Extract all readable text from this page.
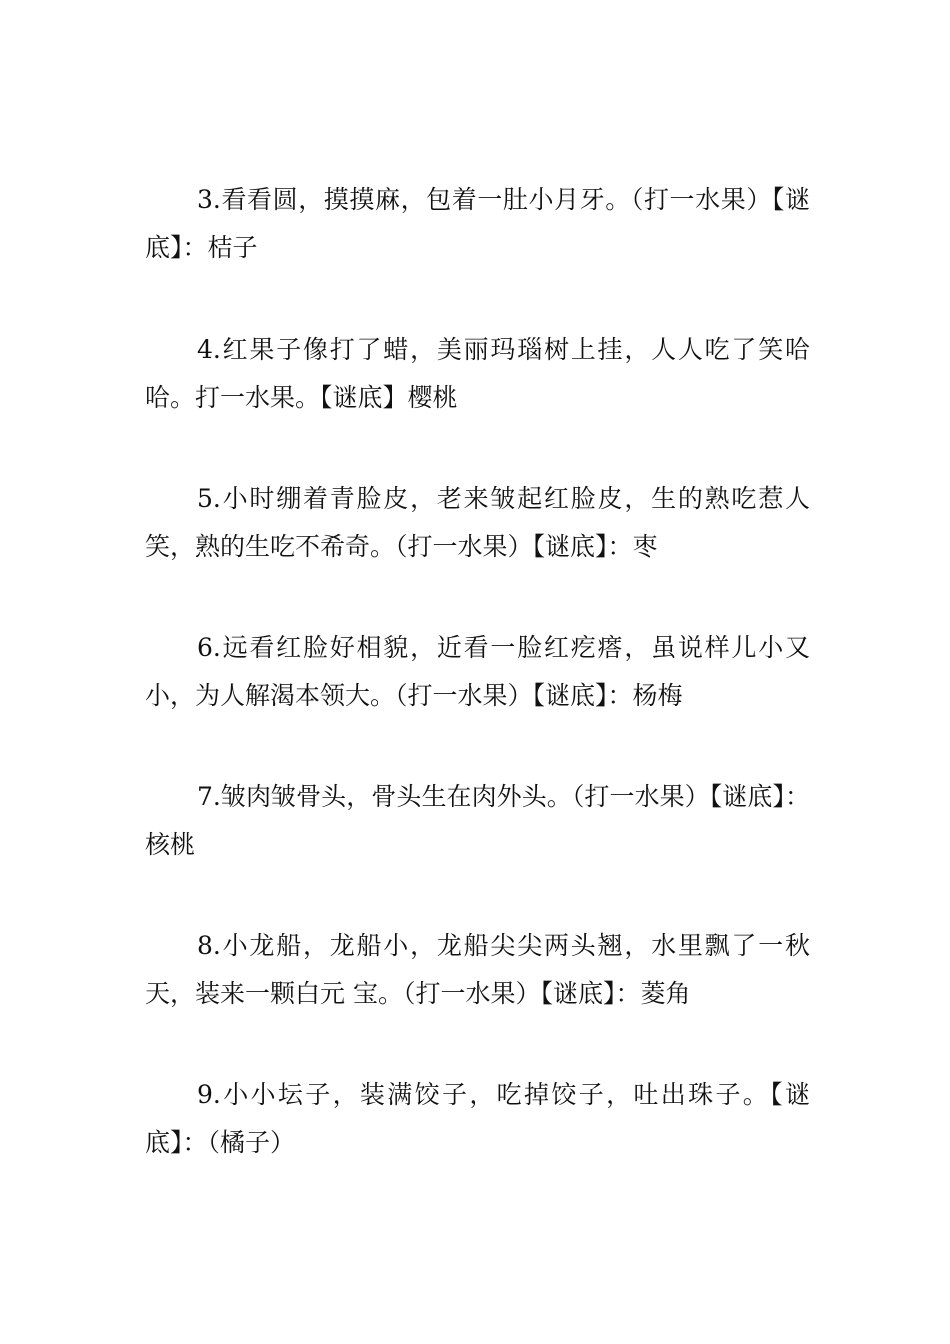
3.看看圆，摸摸麻，包着一肚小月牙。（打一水果）【谜底】：桔子

4.红果子像打了蜡，美丽玛瑙树上挂，人人吃了笑哈哈。打一水果。【谜底】樱桃

5.小时绷着青脸皮，老来皱起红脸皮，生的熟吃惹人笑，熟的生吃不希奇。（打一水果）【谜底】：枣

6.远看红脸好相貌，近看一脸红疙瘩，虽说样儿小又小，为人解渴本领大。（打一水果）【谜底】：杨梅

7.皱肉皱骨头，骨头生在肉外头。（打一水果）【谜底】：核桃

8.小龙船，龙船小，龙船尖尖两头翘，水里飘了一秋天，装来一颗白元 宝。（打一水果）【谜底】：菱角

9.小小坛子，装满饺子，吃掉饺子，吐出珠子。【谜底】：（橘子）
